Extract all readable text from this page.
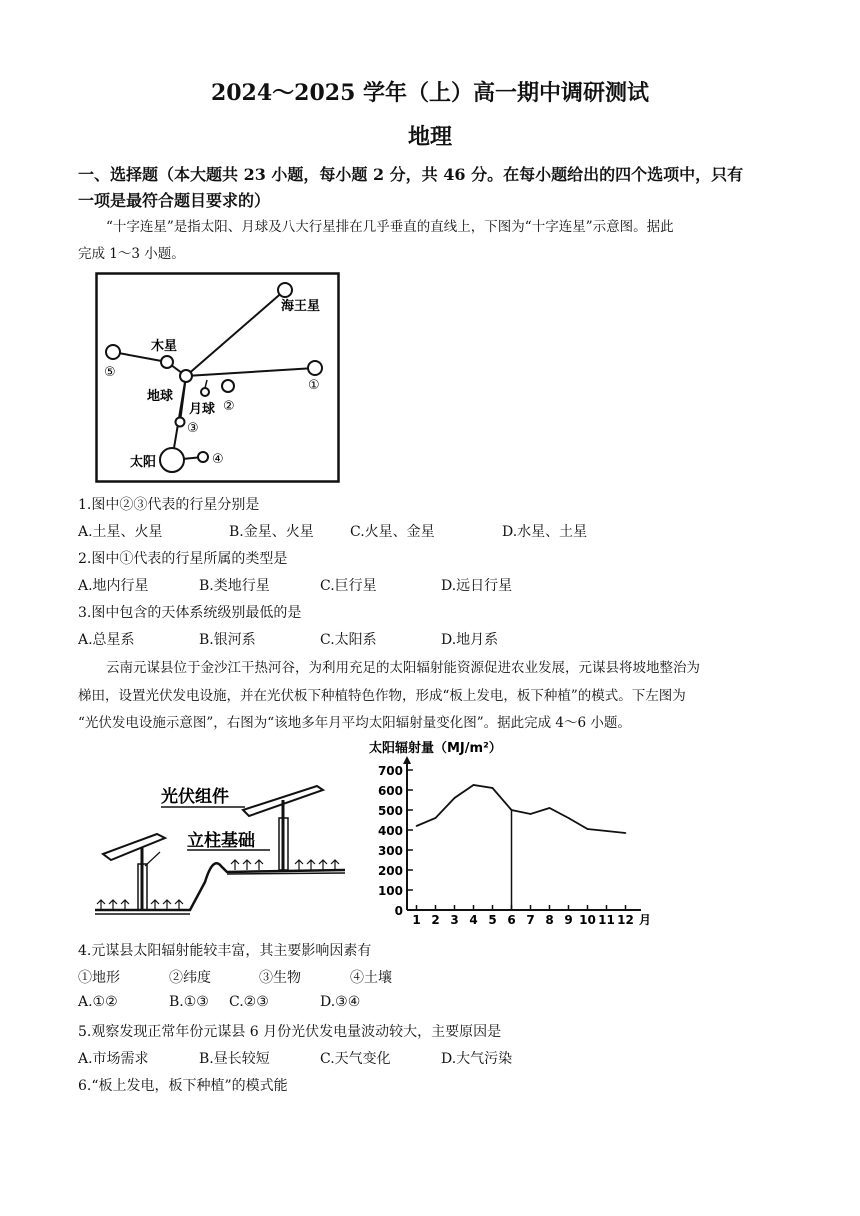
2024～2025 学年（上）高一期中调研测试
地理
一、选择题（本大题共 23 小题，每小题 2 分，共 46 分。在每小题给出的四个选项中，只有
一项是最符合题目要求的）
“十字连星”是指太阳、月球及八大行星排在几乎垂直的直线上，下图为“十字连星”示意图。据此
完成 1～3 小题。
海王星
木星
地球
月球
太阳
①
②
③
④
⑤
1.图中②③代表的行星分别是
A.土星、火星	B.金星、火星	C.火星、金星	D.水星、土星
2.图中①代表的行星所属的类型是
A.地内行星	B.类地行星	C.巨行星	D.远日行星
3.图中包含的天体系统级别最低的是
A.总星系	B.银河系	C.太阳系	D.地月系
云南元谋县位于金沙江干热河谷，为利用充足的太阳辐射能资源促进农业发展，元谋县将坡地整治为
梯田，设置光伏发电设施，并在光伏板下种植特色作物，形成“板上发电，板下种植”的模式。下左图为
“光伏发电设施示意图”，右图为“该地多年月平均太阳辐射量变化图”。据此完成 4～6 小题。
光伏组件
立柱基础
太阳辐射量（MJ/m²）
0
100
200
300
400
500
600
700
1 2 3 4 5 6 7 8 9 10 11 12 月
4.元谋县太阳辐射能较丰富，其主要影响因素有
①地形	②纬度	③生物	④土壤
A.①②	B.①③ C.②③	D.③④
5.观察发现正常年份元谋县 6 月份光伏发电量波动较大，主要原因是
A.市场需求	B.昼长较短	C.天气变化	D.大气污染
6.“板上发电，板下种植”的模式能
